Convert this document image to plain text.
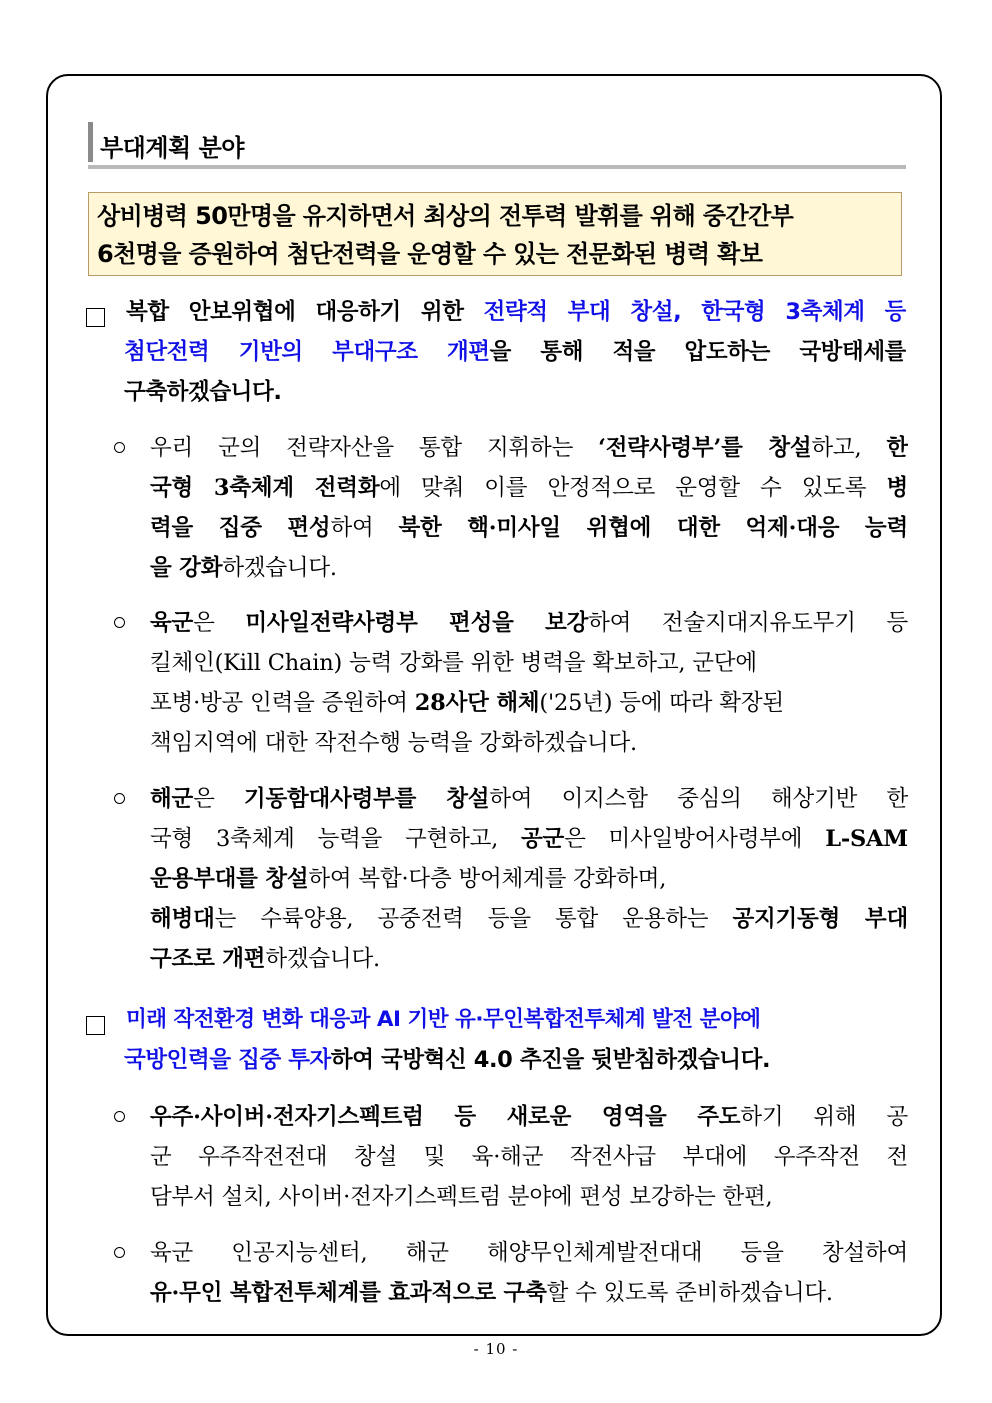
부대계획 분야

상비병력 50만명을 유지하면서 최상의 전투력 발휘를 위해 중간간부

6천명을 증원하여 첨단전력을 운영할 수 있는 전문화된 병력 확보

복합 안보위협에 대응하기 위한 전략적 부대 창설, 한국형 3축체계 등
첨단전력 기반의 부대구조 개편을 통해 적을 압도하는 국방태세를
구축하겠습니다.
우리 군의 전략자산을 통합 지휘하는 ‘전략사령부’를 창설하고, 한
국형 3축체계 전력화에 맞춰 이를 안정적으로 운영할 수 있도록 병
력을 집중 편성하여 북한 핵·미사일 위협에 대한 억제·대응 능력
을 강화하겠습니다.
육군은 미사일전략사령부 편성을 보강하여 전술지대지유도무기 등
킬체인(Kill Chain) 능력 강화를 위한 병력을 확보하고, 군단에
포병·방공 인력을 증원하여 28사단 해체('25년) 등에 따라 확장된
책임지역에 대한 작전수행 능력을 강화하겠습니다.
해군은 기동함대사령부를 창설하여 이지스함 중심의 해상기반 한
국형 3축체계 능력을 구현하고, 공군은 미사일방어사령부에 L-SAM
운용부대를 창설하여 복합·다층 방어체계를 강화하며,
해병대는 수륙양용, 공중전력 등을 통합 운용하는 공지기동형 부대
구조로 개편하겠습니다.
미래 작전환경 변화 대응과 AI 기반 유·무인복합전투체계 발전 분야에
국방인력을 집중 투자하여 국방혁신 4.0 추진을 뒷받침하겠습니다.
우주·사이버·전자기스펙트럼 등 새로운 영역을 주도하기 위해 공
군 우주작전전대 창설 및 육·해군 작전사급 부대에 우주작전 전
담부서 설치, 사이버·전자기스펙트럼 분야에 편성 보강하는 한편,
육군 인공지능센터, 해군 해양무인체계발전대대 등을 창설하여
유·무인 복합전투체계를 효과적으로 구축할 수 있도록 준비하겠습니다.
- 10 -
